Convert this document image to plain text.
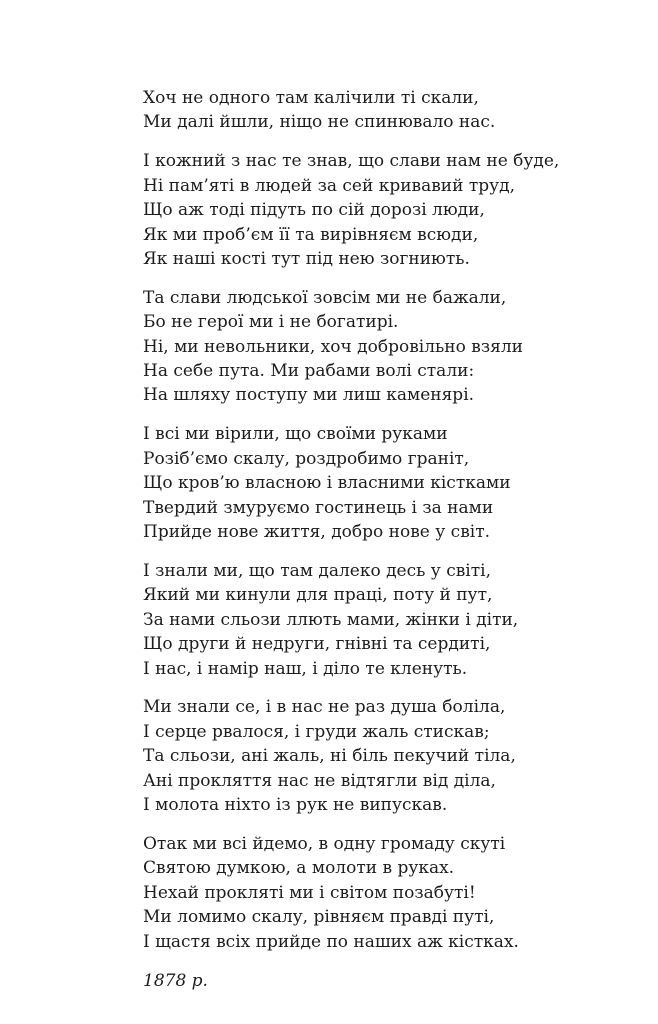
Хоч не одного там калічили ті скали,
Ми далі йшли, ніщо не спинювало нас.
І кожний з нас те знав, що слави нам не буде,
Ні пам’яті в людей за сей кривавий труд,
Що аж тоді підуть по сій дорозі люди,
Як ми проб’єм її та вирівняєм всюди,
Як наші кості тут під нею зогниють.
Та слави людської зовсім ми не бажали,
Бо не герої ми і не богатирі.
Ні, ми невольники, хоч добровільно взяли
На себе пута. Ми рабами волі стали:
На шляху поступу ми лиш каменярі.
І всі ми вірили, що своїми руками
Розіб’ємо скалу, роздробимо граніт,
Що кров’ю власною і власними кістками
Твердий змуруємо гостинець і за нами
Прийде нове життя, добро нове у світ.
І знали ми, що там далеко десь у світі,
Який ми кинули для праці, поту й пут,
За нами сльози ллють мами, жінки і діти,
Що други й недруги, гнівні та сердиті,
І нас, і намір наш, і діло те кленуть.
Ми знали се, і в нас не раз душа боліла,
І серце рвалося, і груди жаль стискав;
Та сльози, ані жаль, ні біль пекучий тіла,
Ані прокляття нас не відтягли від діла,
І молота ніхто із рук не випускав.
Отак ми всі йдемо, в одну громаду скуті
Святою думкою, а молоти в руках.
Нехай прокляті ми і світом позабуті!
Ми ломимо скалу, рівняєм правді путі,
І щастя всіх прийде по наших аж кістках.
1878 р.
